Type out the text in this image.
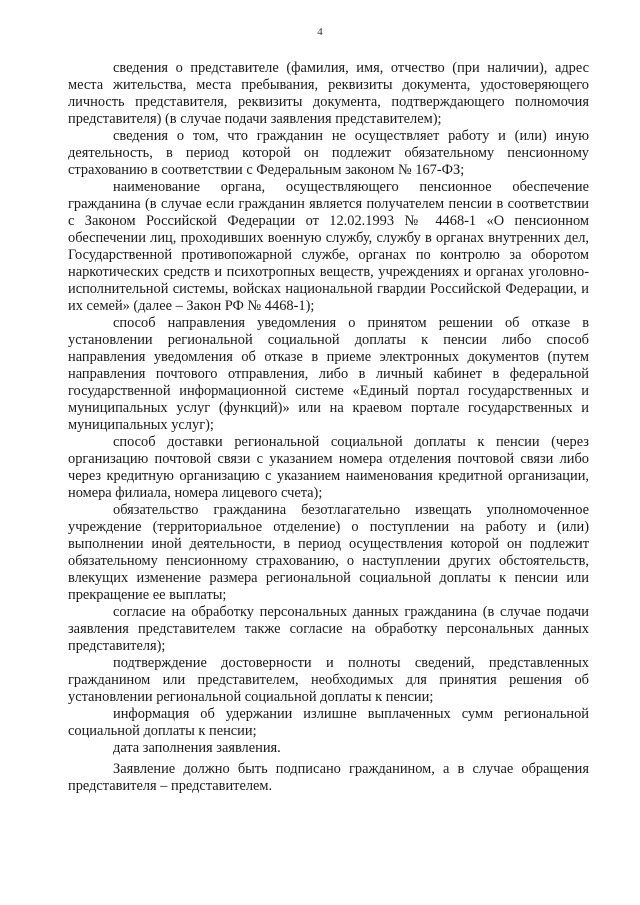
4

сведения о представителе (фамилия, имя, отчество (при наличии), адрес места жительства, места пребывания, реквизиты документа, удостоверяющего личность представителя, реквизиты документа, подтверждающего полномочия представителя) (в случае подачи заявления представителем);

сведения о том, что гражданин не осуществляет работу и (или) иную деятельность, в период которой он подлежит обязательному пенсионному страхованию в соответствии с Федеральным законом № 167-ФЗ;

наименование органа, осуществляющего пенсионное обеспечение гражданина (в случае если гражданин является получателем пенсии в соответствии с Законом Российской Федерации от 12.02.1993 № 4468-1 «О пенсионном обеспечении лиц, проходивших военную службу, службу в органах внутренних дел, Государственной противопожарной службе, органах по контролю за оборотом наркотических средств и психотропных веществ, учреждениях и органах уголовно-исполнительной системы, войсках национальной гвардии Российской Федерации, и их семей» (далее – Закон РФ № 4468-1);

способ направления уведомления о принятом решении об отказе в установлении региональной социальной доплаты к пенсии либо способ направления уведомления об отказе в приеме электронных документов (путем направления почтового отправления, либо в личный кабинет в федеральной государственной информационной системе «Единый портал государственных и муниципальных услуг (функций)» или на краевом портале государственных и муниципальных услуг);

способ доставки региональной социальной доплаты к пенсии (через организацию почтовой связи с указанием номера отделения почтовой связи либо через кредитную организацию с указанием наименования кредитной организации, номера филиала, номера лицевого счета);

обязательство гражданина безотлагательно извещать уполномоченное учреждение (территориальное отделение) о поступлении на работу и (или) выполнении иной деятельности, в период осуществления которой он подлежит обязательному пенсионному страхованию, о наступлении других обстоятельств, влекущих изменение размера региональной социальной доплаты к пенсии или прекращение ее выплаты;

согласие на обработку персональных данных гражданина (в случае подачи заявления представителем также согласие на обработку персональных данных представителя);

подтверждение достоверности и полноты сведений, представленных гражданином или представителем, необходимых для принятия решения об установлении региональной социальной доплаты к пенсии;

информация об удержании излишне выплаченных сумм региональной социальной доплаты к пенсии;

дата заполнения заявления.

Заявление должно быть подписано гражданином, а в случае обращения представителя – представителем.
